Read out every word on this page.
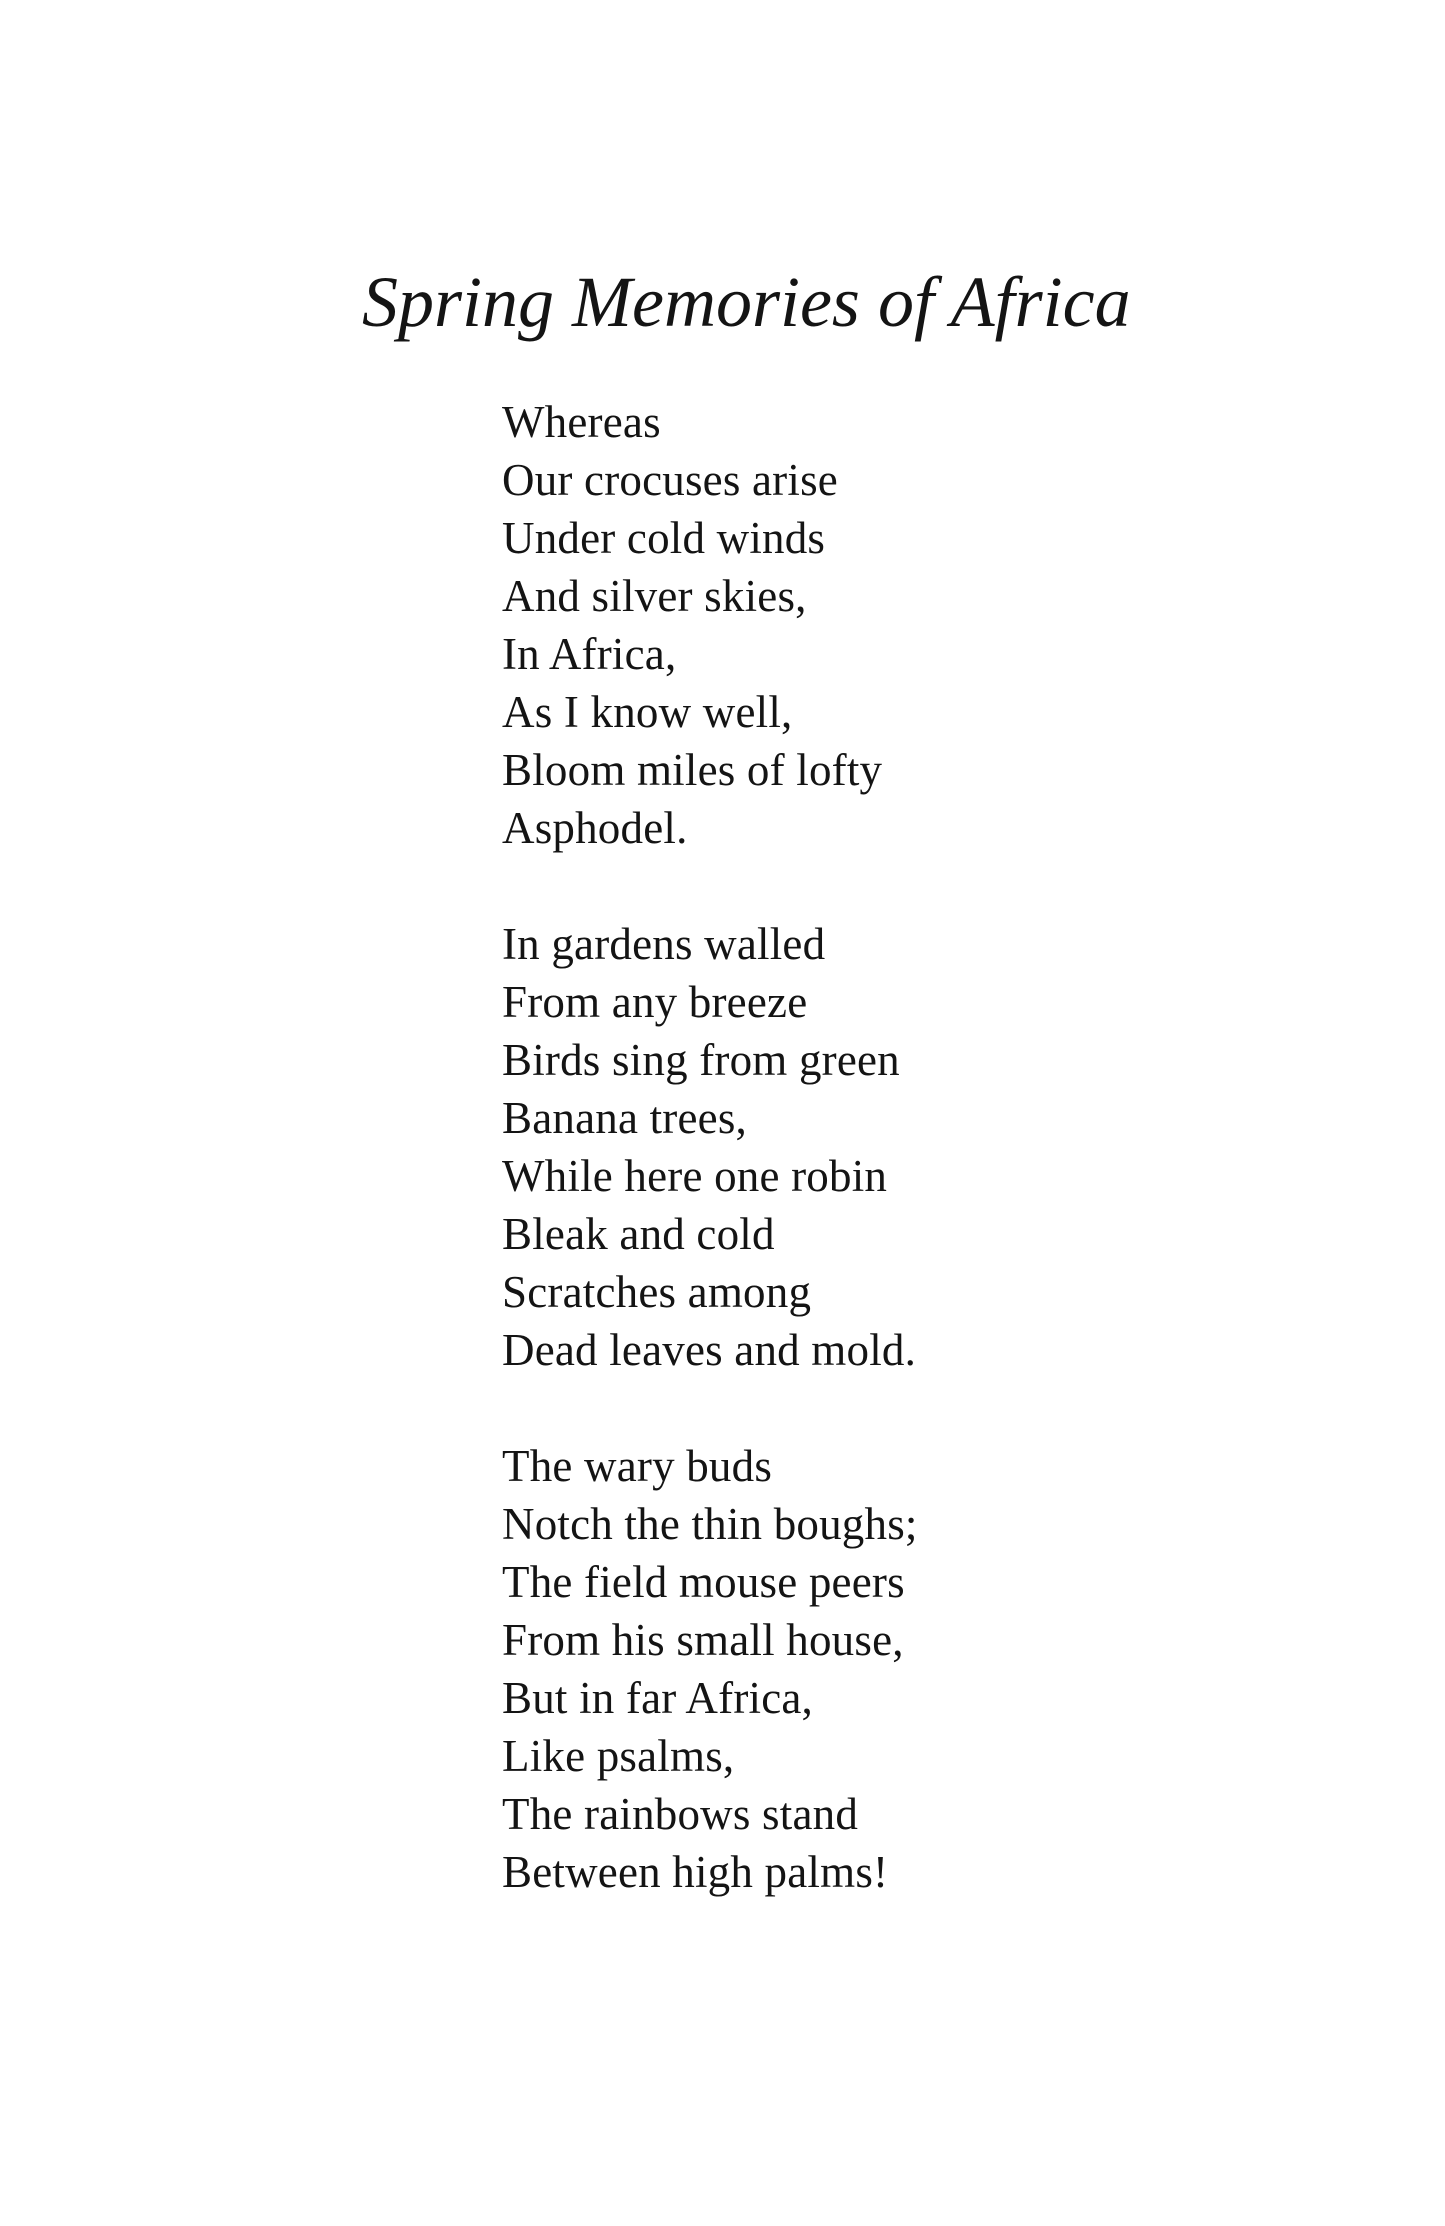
Spring Memories of Africa
Whereas
Our crocuses arise
Under cold winds
And silver skies,
In Africa,
As I know well,
Bloom miles of lofty
Asphodel.
In gardens walled
From any breeze
Birds sing from green
Banana trees,
While here one robin
Bleak and cold
Scratches among
Dead leaves and mold.
The wary buds
Notch the thin boughs;
The field mouse peers
From his small house,
But in far Africa,
Like psalms,
The rainbows stand
Between high palms!
